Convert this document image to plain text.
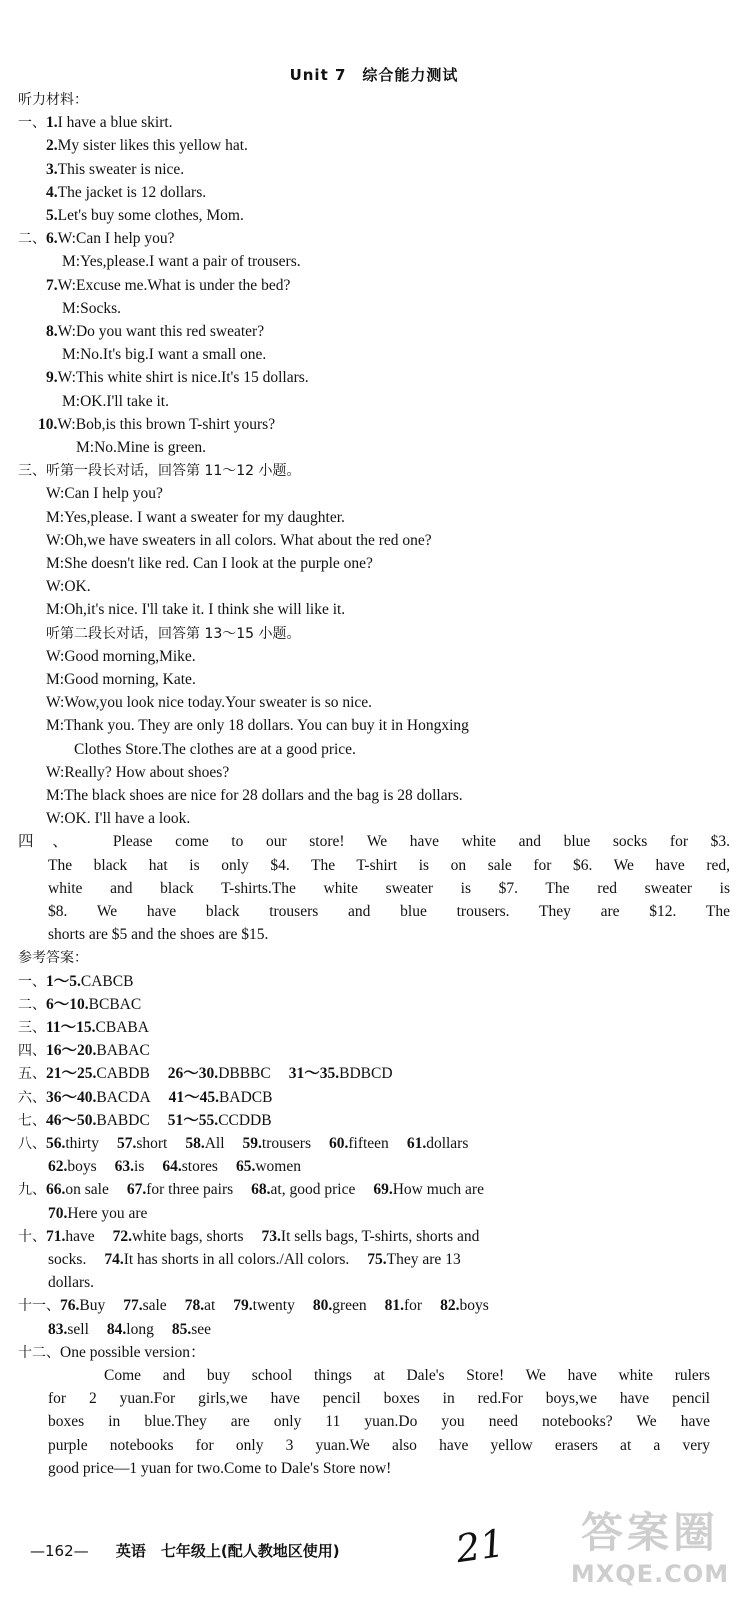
Unit 7　综合能力测试
听力材料：
一、1.I have a blue skirt.
2.My sister likes this yellow hat.
3.This sweater is nice.
4.The jacket is 12 dollars.
5.Let's buy some clothes, Mom.
二、6.W:Can I help you?
M:Yes,please.I want a pair of trousers.
7.W:Excuse me.What is under the bed?
M:Socks.
8.W:Do you want this red sweater?
M:No.It's big.I want a small one.
9.W:This white shirt is nice.It's 15 dollars.
M:OK.I'll take it.
10.W:Bob,is this brown T-shirt yours?
M:No.Mine is green.
三、听第一段长对话，回答第 11～12 小题。
W:Can I help you?
M:Yes,please. I want a sweater for my daughter.
W:Oh,we have sweaters in all colors. What about the red one?
M:She doesn't like red. Can I look at the purple one?
W:OK.
M:Oh,it's nice. I'll take it. I think she will like it.
听第二段长对话，回答第 13～15 小题。
W:Good morning,Mike.
M:Good morning, Kate.
W:Wow,you look nice today.Your sweater is so nice.
M:Thank you. They are only 18 dollars. You can buy it in Hongxing
Clothes Store.The clothes are at a good price.
W:Really? How about shoes?
M:The black shoes are nice for 28 dollars and the bag is 28 dollars.
W:OK. I'll have a look.
四、　Please come to our store! We have white and blue socks for $3.
The black hat is only $4. The T-shirt is on sale for $6. We have red,
white and black T-shirts.The white sweater is $7. The red sweater is
$8. We have black trousers and blue trousers. They are $12. The
shorts are $5 and the shoes are $15.
参考答案：
一、1～5.CABCB
二、6～10.BCBAC
三、11～15.CBABA
四、16～20.BABAC
五、21～25.CABDB 26～30.DBBBC 31～35.BDBCD
六、36～40.BACDA 41～45.BADCB
七、46～50.BABDC 51～55.CCDDB
八、56.thirty 57.short 58.All 59.trousers 60.fifteen 61.dollars
62.boys 63.is 64.stores 65.women
九、66.on sale 67.for three pairs 68.at, good price 69.How much are
70.Here you are
十、71.have 72.white bags, shorts 73.It sells bags, T-shirts, shorts and
socks. 74.It has shorts in all colors./All colors. 75.They are 13
dollars.
十一、76.Buy 77.sale 78.at 79.twenty 80.green 81.for 82.boys
83.sell 84.long 85.see
十二、One possible version：
Come and buy school things at Dale's Store! We have white rulers
for 2 yuan.For girls,we have pencil boxes in red.For boys,we have pencil
boxes in blue.They are only 11 yuan.Do you need notebooks? We have
purple notebooks for only 3 yuan.We also have yellow erasers at a very
good price—1 yuan for two.Come to Dale's Store now!
—162— 英语　七年级上(配人教地区使用)	21	答案圈
MXQE.COM
